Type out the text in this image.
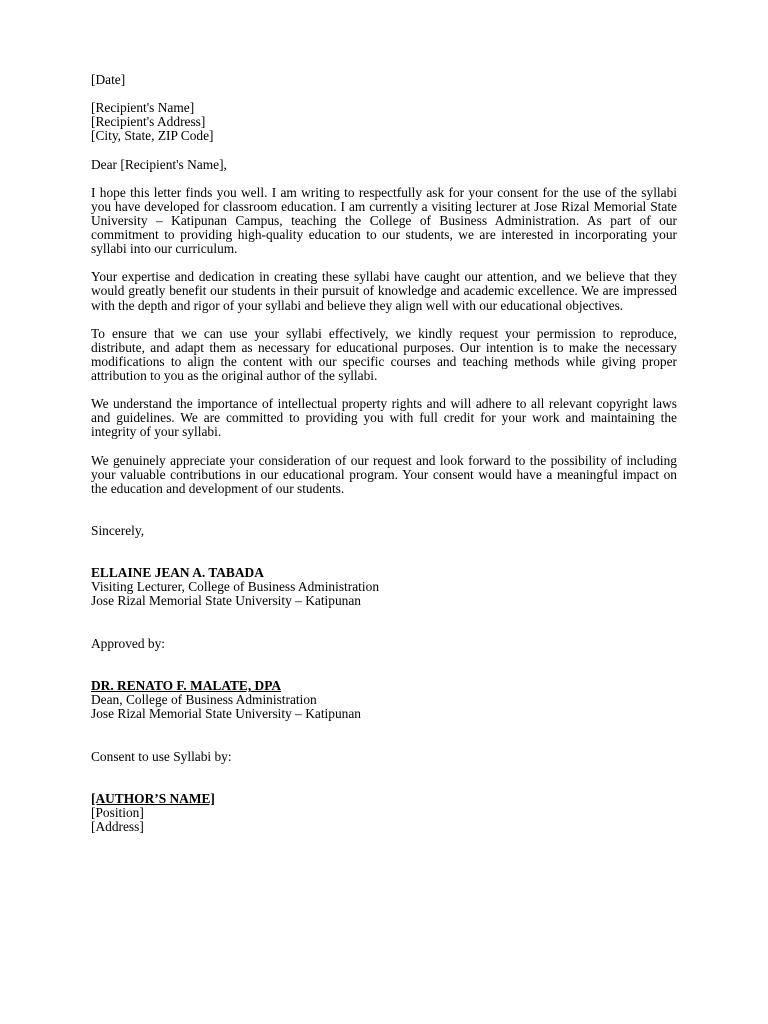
[Date]
[Recipient's Name]
[Recipient's Address]
[City, State, ZIP Code]
Dear [Recipient's Name],

I hope this letter finds you well. I am writing to respectfully ask for your consent for the use of the syllabi you have developed for classroom education. I am currently a visiting lecturer at Jose Rizal Memorial State University – Katipunan Campus, teaching the College of Business Administration. As part of our commitment to providing high-quality education to our students, we are interested in incorporating your syllabi into our curriculum.

Your expertise and dedication in creating these syllabi have caught our attention, and we believe that they would greatly benefit our students in their pursuit of knowledge and academic excellence. We are impressed with the depth and rigor of your syllabi and believe they align well with our educational objectives.

To ensure that we can use your syllabi effectively, we kindly request your permission to reproduce, distribute, and adapt them as necessary for educational purposes. Our intention is to make the necessary modifications to align the content with our specific courses and teaching methods while giving proper attribution to you as the original author of the syllabi.

We understand the importance of intellectual property rights and will adhere to all relevant copyright laws and guidelines. We are committed to providing you with full credit for your work and maintaining the integrity of your syllabi.

We genuinely appreciate your consideration of our request and look forward to the possibility of including your valuable contributions in our educational program. Your consent would have a meaningful impact on the education and development of our students.

Sincerely,
ELLAINE JEAN A. TABADA
Visiting Lecturer, College of Business Administration
Jose Rizal Memorial State University – Katipunan
Approved by:
DR. RENATO F. MALATE, DPA
Dean, College of Business Administration
Jose Rizal Memorial State University – Katipunan
Consent to use Syllabi by:
[AUTHOR’S NAME]
[Position]
[Address]
